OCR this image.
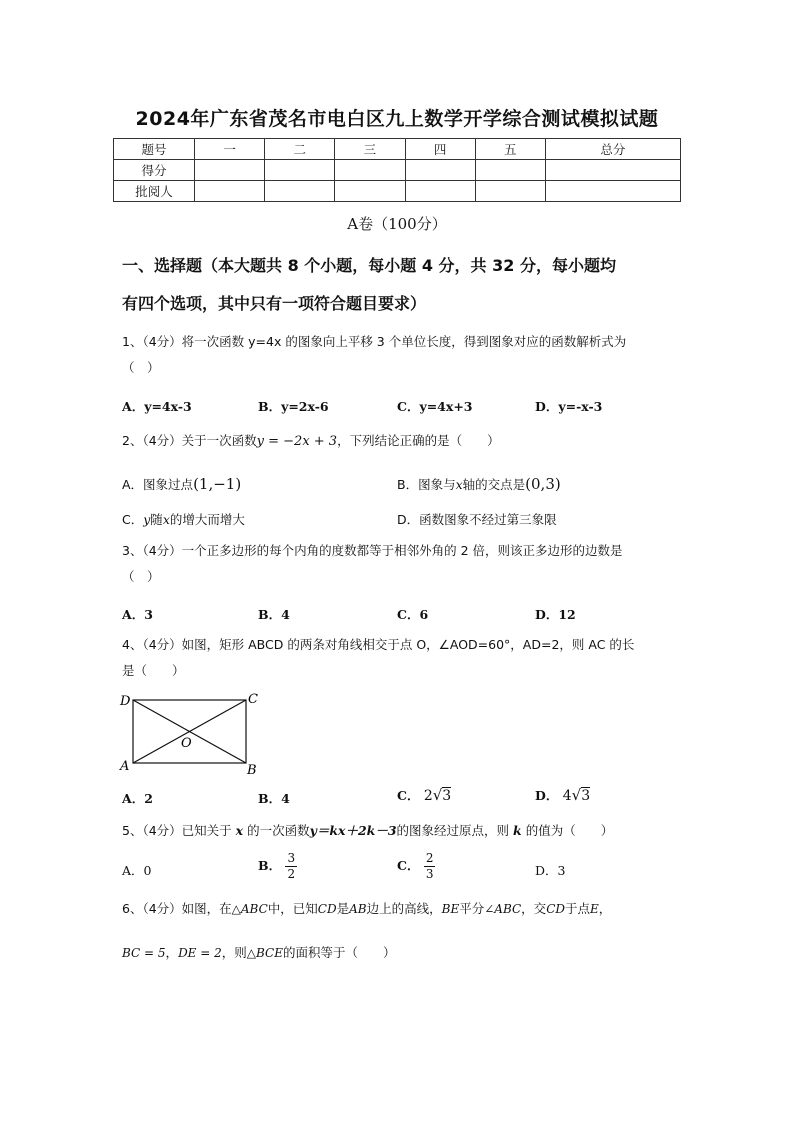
2024年广东省茂名市电白区九上数学开学综合测试模拟试题
题号	一	二	三	四	五	总分
得分						
批阅人						
A卷（100分）
一、选择题（本大题共 8 个小题，每小题 4 分，共 32 分，每小题均
有四个选项，其中只有一项符合题目要求）
1、（4分）将一次函数 y=4x 的图象向上平移 3 个单位长度，得到图象对应的函数解析式为
（　）
A．y=4x-3	B．y=2x-6	C．y=4x+3	D．y=-x-3
2、（4分）关于一次函数y = −2x + 3，下列结论正确的是（　　）
A．图象过点(1,−1)	B．图象与x轴的交点是(0,3)
C．y随x的增大而增大	D．函数图象不经过第三象限
3、（4分）一个正多边形的每个内角的度数都等于相邻外角的 2 倍，则该正多边形的边数是
（　）
A．3	B．4	C．6	D．12
4、（4分）如图，矩形 ABCD 的两条对角线相交于点 O，∠AOD=60°，AD=2，则 AC 的长
是（　　）
D	C
A	B
O
A．2	B．4	C． 2√3	D． 4√3
5、（4分）已知关于 x 的一次函数y＝kx＋2k－3的图象经过原点，则 k 的值为（　　）
A．0	B． $\frac{3}{2}$	C． $\frac{2}{3}$	D．3
6、（4分）如图，在△ABC中，已知CD是AB边上的高线，BE平分∠ABC，交CD于点E，
BC = 5，DE = 2，则△BCE的面积等于（　　）
